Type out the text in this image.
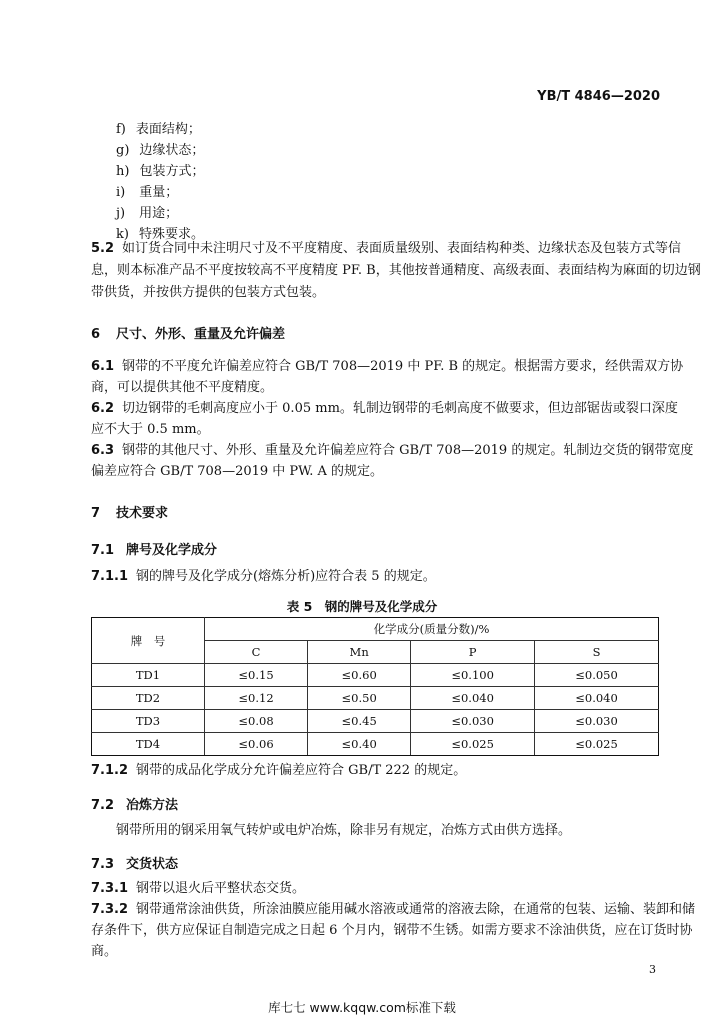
YB/T 4846—2020
f) 表面结构；
g) 边缘状态；
h) 包装方式；
i) 重量；
j) 用途；
k) 特殊要求。
5.2 如订货合同中未注明尺寸及不平度精度、表面质量级别、表面结构种类、边缘状态及包装方式等信
息，则本标准产品不平度按较高不平度精度 PF. B，其他按普通精度、高级表面、表面结构为麻面的切边钢
带供货，并按供方提供的包装方式包装。
6 尺寸、外形、重量及允许偏差
6.1 钢带的不平度允许偏差应符合 GB/T 708—2019 中 PF. B 的规定。根据需方要求，经供需双方协
商，可以提供其他不平度精度。
6.2 切边钢带的毛刺高度应小于 0.05 mm。轧制边钢带的毛刺高度不做要求，但边部锯齿或裂口深度
应不大于 0.5 mm。
6.3 钢带的其他尺寸、外形、重量及允许偏差应符合 GB/T 708—2019 的规定。轧制边交货的钢带宽度
偏差应符合 GB/T 708—2019 中 PW. A 的规定。
7 技术要求
7.1 牌号及化学成分
7.1.1 钢的牌号及化学成分(熔炼分析)应符合表 5 的规定。
表 5　钢的牌号及化学成分
牌　号	化学成分(质量分数)/%			
	C	Mn	P	S
TD1	≤0.15	≤0.60	≤0.100	≤0.050
TD2	≤0.12	≤0.50	≤0.040	≤0.040
TD3	≤0.08	≤0.45	≤0.030	≤0.030
TD4	≤0.06	≤0.40	≤0.025	≤0.025
7.1.2 钢带的成品化学成分允许偏差应符合 GB/T 222 的规定。
7.2 冶炼方法
钢带所用的钢采用氧气转炉或电炉冶炼，除非另有规定，冶炼方式由供方选择。
7.3 交货状态
7.3.1 钢带以退火后平整状态交货。
7.3.2 钢带通常涂油供货，所涂油膜应能用碱水溶液或通常的溶液去除，在通常的包装、运输、装卸和储
存条件下，供方应保证自制造完成之日起 6 个月内，钢带不生锈。如需方要求不涂油供货，应在订货时协
商。
3
库七七 www.kqqw.com标准下载
